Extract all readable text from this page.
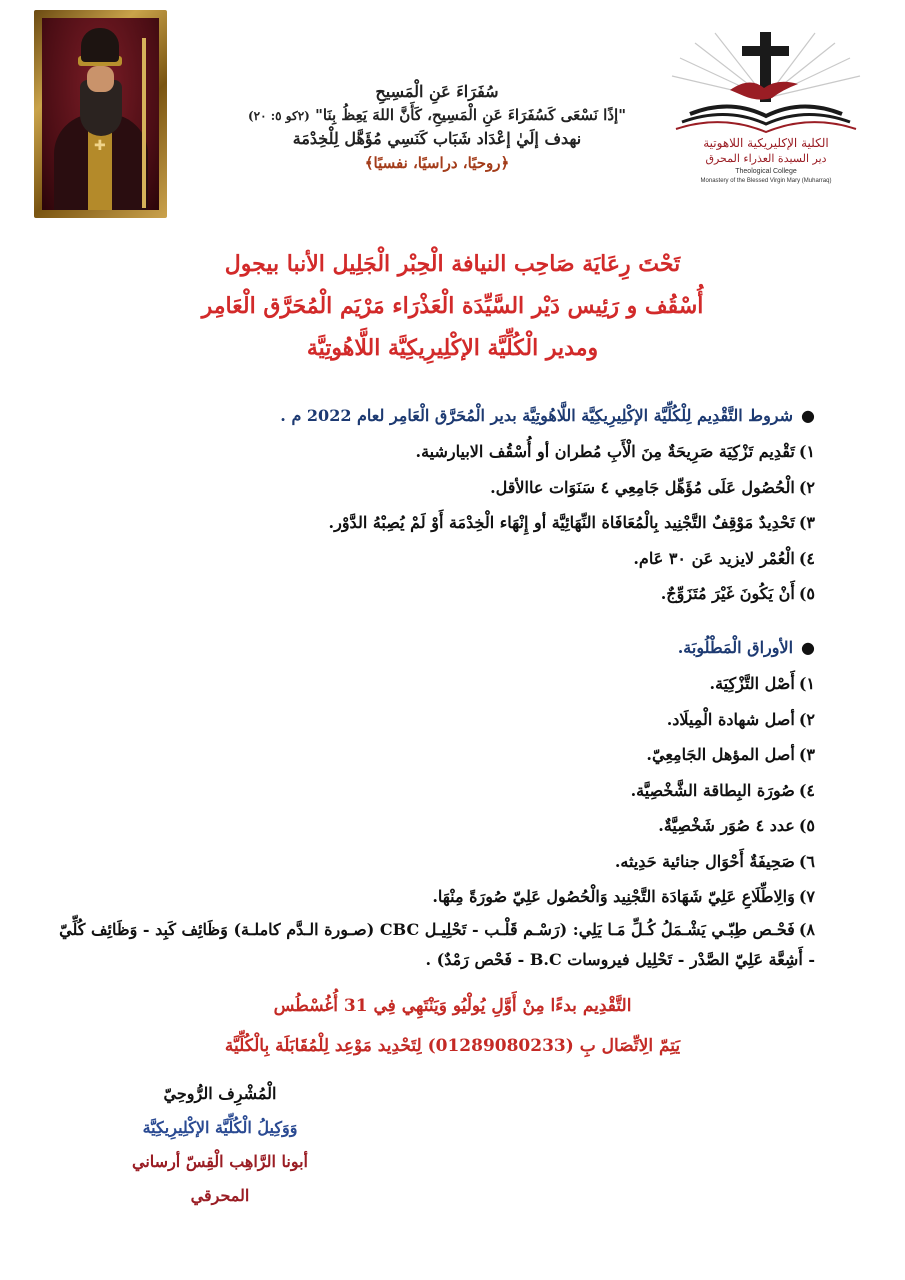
✚
سُفَرَاءَ عَنِ الْمَسِيحِ
"إذًا نَسْعَى كَسُفَرَاءَ عَنِ الْمَسِيحِ، كَأَنَّ اللهَ يَعِظُ بِنَا" (٢كو ٥: ٢٠)
نهدف إلَيٰ إعْدَاد شَبَاب كَنَسِي مُؤَهَّل لِلْخِدْمَة
﴿روحيًا، دراسيًا، نفسيًا﴾
الكلية الإكليريكية اللاهوتية
دير السيدة العذراء المحرق
Theological College
Monastery of the Blessed Virgin Mary (Muharraq)
تَحْتَ رِعَايَة صَاحِب النيافة الْحِبْر الْجَلِيل الأنبا بيجول
أُسْقُف و رَئِيس دَيْر السَّيِّدَة الْعَذْرَاء مَرْيَم الْمُحَرَّق الْعَامِر
ومدير الْكُلِّيَّة الإكْلِيرِيكِيَّة اللَّاهُوتِيَّة
●شروط التَّقْدِيم لِلْكُلِّيَّة الإكْلِيرِيكِيَّة اللَّاهُوتِيَّة بدير الْمُحَرَّق الْعَامِر لعام 2022 م .
١)تَقْدِيم تَزْكِيَة صَرِيحَةٌ مِنَ الْأَبِ مُطران أو أُسْقُف الابيارشية.
٢)الْحُصُول عَلَى مُؤَهِّل جَامِعِي ٤ سَنَوَات عاالأقل.
٣)تَحْدِيدٌ مَوْقِفٌ التَّجْنِيد بِالْمُعَافَاة النِّهَائِيَّة أو إِنْهَاء الْخِدْمَة أَوْ لَمْ يُصِبْهُ الدَّوْر.
٤)الْعُمْر لايزيد عَن ٣٠ عَام.
٥)أَنْ يَكُونَ غَيْرَ مُتَزَوِّجٌ.
●الأوراق الْمَطْلُوبَة.
١)أَصْل التَّزْكِيَة.
٢)أصل شهادة الْمِيلَاد.
٣)أصل المؤهل الجَامِعِيّ.
٤)صُورَة البِطاقة الشَّخْصِيَّة.
٥)عدد ٤ صُوَر شَخْصِيَّةٌ.
٦)صَحِيفَةٌ أَحْوَال جنائية حَدِيثه.
٧)وَالِاطِّلَاعِ عَلِيّ شَهَادَة التَّجْنِيد وَالْحُصُول عَلِيّ صُورَةً مِنْهَا.
٨)فَحْـص طِبّـي يَشْـمَلُ كُـلِّ مَـا يَلِي: (رَسْـم قَلْـب - تَحْلِيـل CBC (صـورة الـدَّم كاملـة) وَظَائِف كَبِد - وَظَائِف كُلِّيّ - أَشِعَّة عَلِيّ الصَّدْر - تَحْلِيل فيروسات B.C - فَحْص رَمْدٌ) .
التَّقْدِيم بدءًا مِنْ أَوَّلِ يُولْيُو وَيَنْتَهِي فِي 31 أُغُسْطُس
يَتِمّ الِاتِّصَال بِ (01289080233) لِتَحْدِيد مَوْعِد لِلْمُقَابَلَة بِالْكُلِّيَّة
الْمُشْرِف الرُّوحِيّ
وَوَكِيلُ الْكُلِّيَّة الإكْلِيرِيكِيَّة
أبونا الرَّاهِب الْقِسّ أرساني المحرقي
